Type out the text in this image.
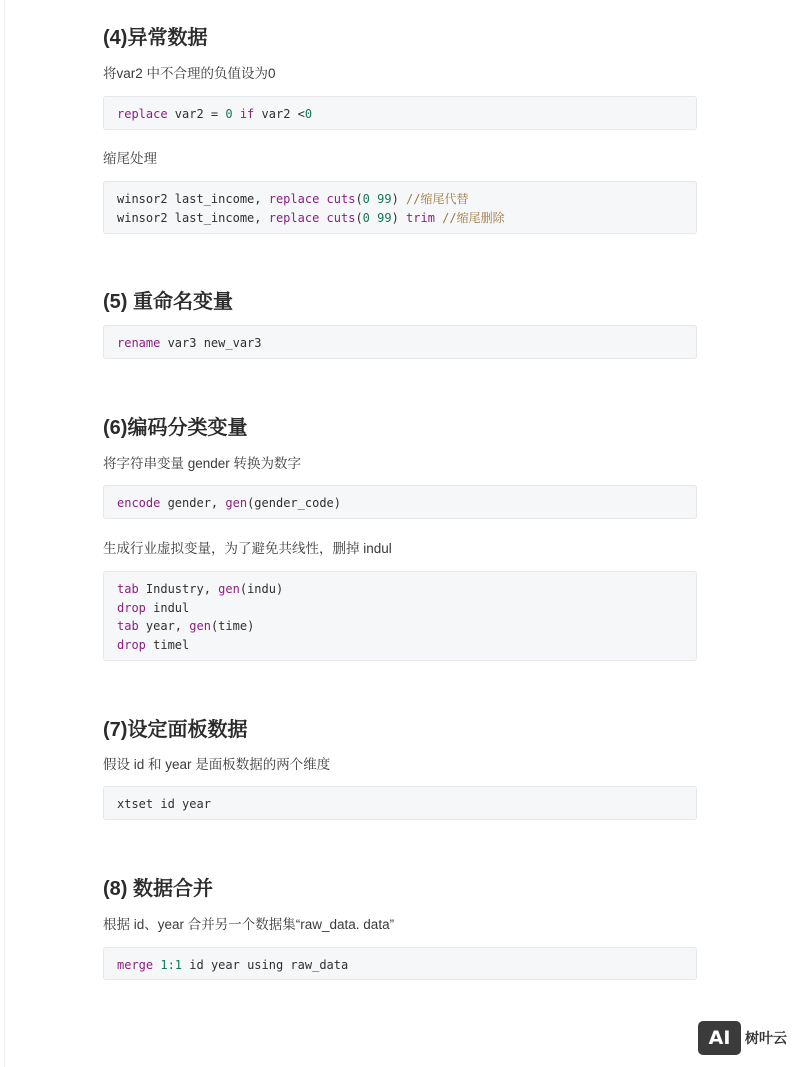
(4)异常数据

将var2 中不合理的负值设为0

replace var2 = 0 if var2 <0

缩尾处理

winsor2 last_income, replace cuts(0 99) //缩尾代替
winsor2 last_income, replace cuts(0 99) trim //缩尾删除
(5) 重命名变量
rename var3 new_var3
(6)编码分类变量

将字符串变量 gender 转换为数字

encode gender, gen(gender_code)

生成行业虚拟变量，为了避免共线性，删掉 indul

tab Industry, gen(indu)
drop indul
tab year, gen(time)
drop timel
(7)设定面板数据

假设 id 和 year 是面板数据的两个维度

xtset id year
(8) 数据合并

根据 id、year 合并另一个数据集“raw_data. data”

merge 1:1 id year using raw_data
AI 树叶云
